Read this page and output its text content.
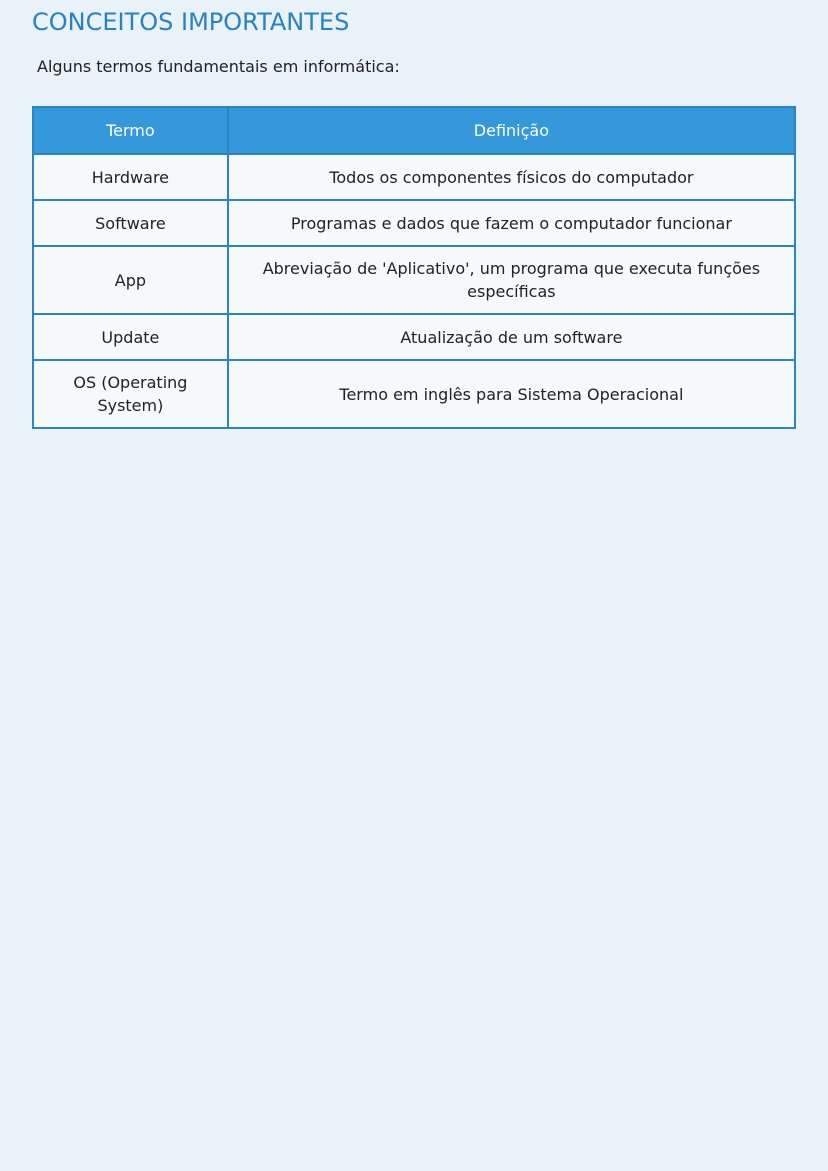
CONCEITOS IMPORTANTES

Alguns termos fundamentais em informática:

Termo	Definição
Hardware	Todos os componentes físicos do computador
Software	Programas e dados que fazem o computador funcionar
App	Abreviação de 'Aplicativo', um programa que executa funções específicas
Update	Atualização de um software
OS (Operating System)	Termo em inglês para Sistema Operacional
